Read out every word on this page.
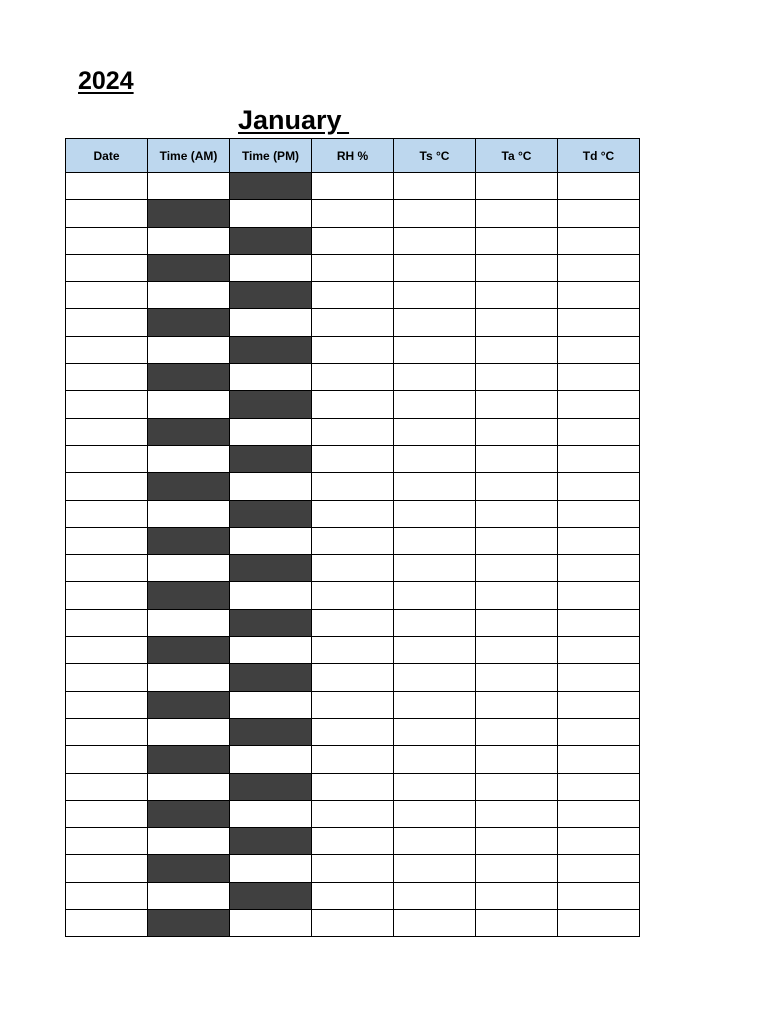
2024
January
Date	Time (AM)	Time (PM)	RH %	Ts °C	Ta °C	Td °C
